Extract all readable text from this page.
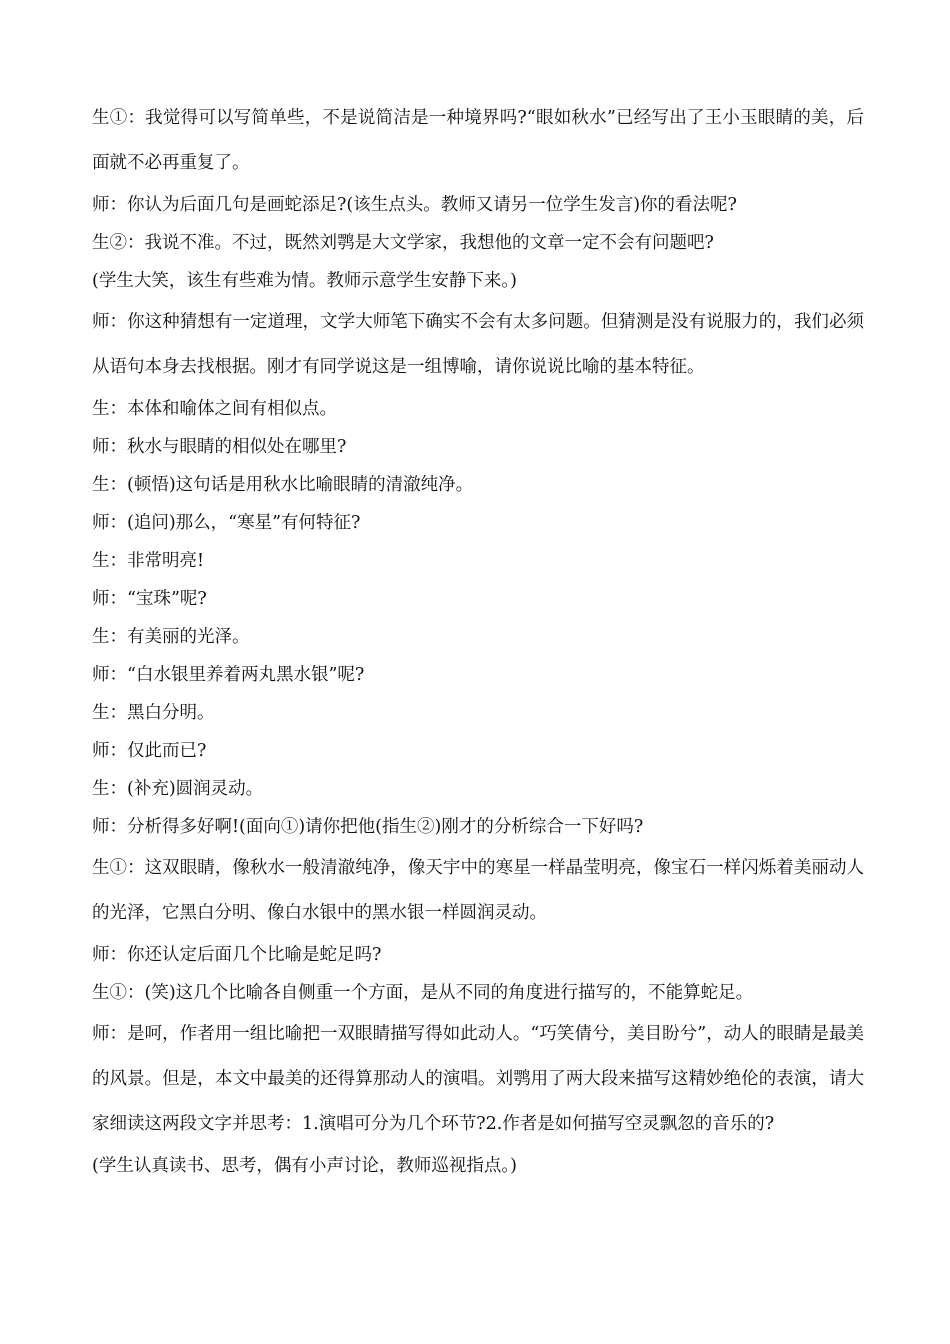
生①：我觉得可以写简单些，不是说简洁是一种境界吗?“眼如秋水”已经写出了王小玉眼睛的美，后面就不必再重复了。

师：你认为后面几句是画蛇添足?(该生点头。教师又请另一位学生发言)你的看法呢?

生②：我说不准。不过，既然刘鹗是大文学家，我想他的文章一定不会有问题吧?

(学生大笑，该生有些难为情。教师示意学生安静下来。)

师：你这种猜想有一定道理，文学大师笔下确实不会有太多问题。但猜测是没有说服力的，我们必须从语句本身去找根据。刚才有同学说这是一组博喻，请你说说比喻的基本特征。

生：本体和喻体之间有相似点。

师：秋水与眼睛的相似处在哪里?

生：(顿悟)这句话是用秋水比喻眼睛的清澈纯净。

师：(追问)那么，“寒星”有何特征?

生：非常明亮!

师：“宝珠”呢?

生：有美丽的光泽。

师：“白水银里养着两丸黑水银”呢?

生：黑白分明。

师：仅此而已?

生：(补充)圆润灵动。

师：分析得多好啊!(面向①)请你把他(指生②)刚才的分析综合一下好吗?

生①：这双眼睛，像秋水一般清澈纯净，像天宇中的寒星一样晶莹明亮，像宝石一样闪烁着美丽动人的光泽，它黑白分明、像白水银中的黑水银一样圆润灵动。

师：你还认定后面几个比喻是蛇足吗?

生①：(笑)这几个比喻各自侧重一个方面，是从不同的角度进行描写的，不能算蛇足。

师：是呵，作者用一组比喻把一双眼睛描写得如此动人。“巧笑倩兮，美目盼兮”，动人的眼睛是最美的风景。但是，本文中最美的还得算那动人的演唱。刘鹗用了两大段来描写这精妙绝伦的表演，请大家细读这两段文字并思考：1.演唱可分为几个环节?2.作者是如何描写空灵飘忽的音乐的?

(学生认真读书、思考，偶有小声讨论，教师巡视指点。)
